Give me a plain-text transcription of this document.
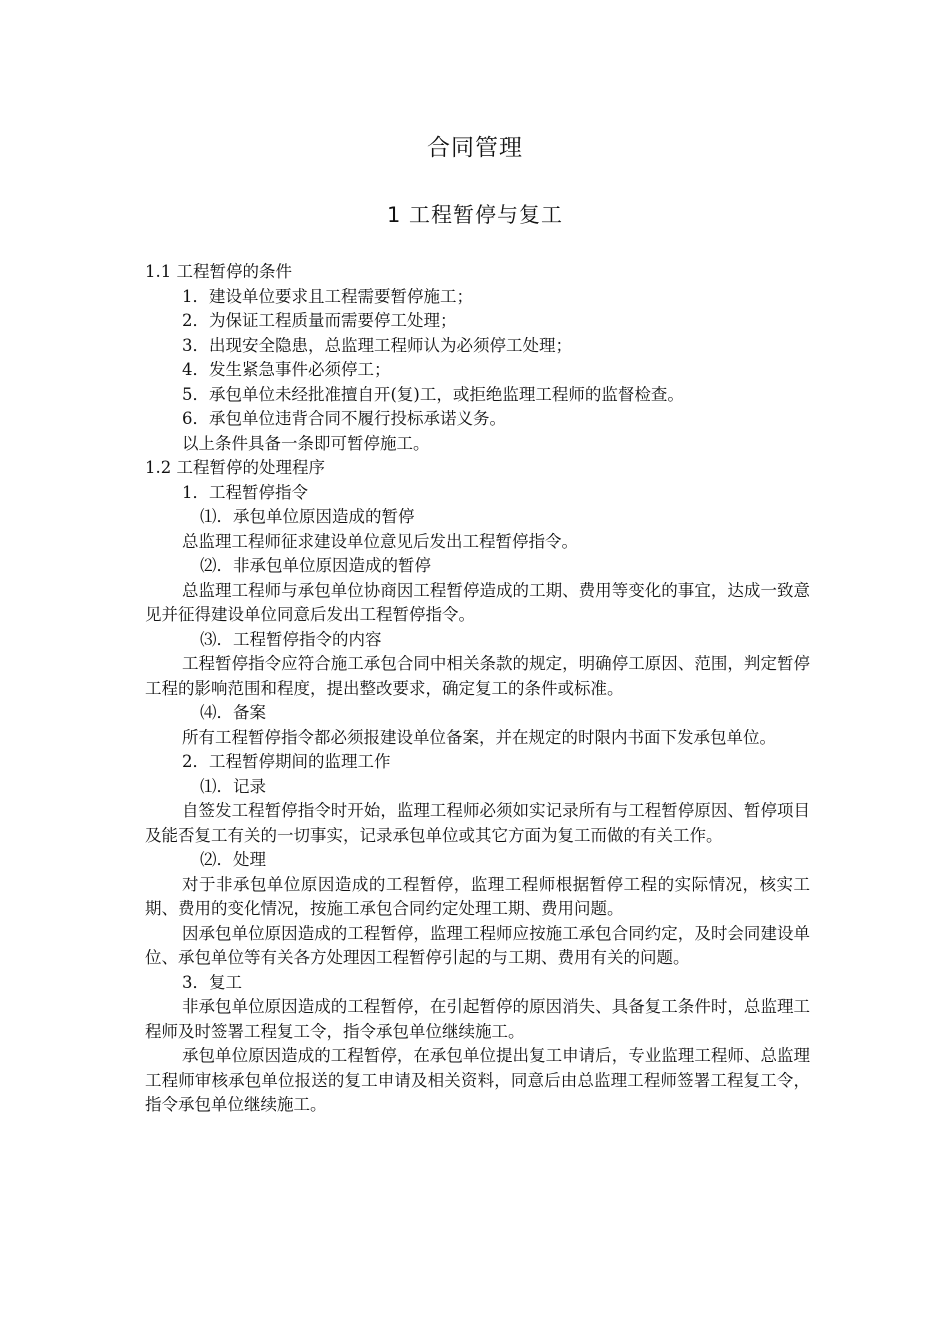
合同管理
1 工程暂停与复工
1.1 工程暂停的条件
1．建设单位要求且工程需要暂停施工；
2．为保证工程质量而需要停工处理；
3．出现安全隐患，总监理工程师认为必须停工处理；
4．发生紧急事件必须停工；
5．承包单位未经批准擅自开(复)工，或拒绝监理工程师的监督检查。
6．承包单位违背合同不履行投标承诺义务。
以上条件具备一条即可暂停施工。
1.2 工程暂停的处理程序
1．工程暂停指令
⑴．承包单位原因造成的暂停
总监理工程师征求建设单位意见后发出工程暂停指令。
⑵．非承包单位原因造成的暂停
总监理工程师与承包单位协商因工程暂停造成的工期、费用等变化的事宜，达成一致意见并征得建设单位同意后发出工程暂停指令。
⑶．工程暂停指令的内容
工程暂停指令应符合施工承包合同中相关条款的规定，明确停工原因、范围，判定暂停工程的影响范围和程度，提出整改要求，确定复工的条件或标准。
⑷．备案
所有工程暂停指令都必须报建设单位备案，并在规定的时限内书面下发承包单位。
2．工程暂停期间的监理工作
⑴．记录
自签发工程暂停指令时开始，监理工程师必须如实记录所有与工程暂停原因、暂停项目及能否复工有关的一切事实，记录承包单位或其它方面为复工而做的有关工作。
⑵．处理
对于非承包单位原因造成的工程暂停，监理工程师根据暂停工程的实际情况，核实工期、费用的变化情况，按施工承包合同约定处理工期、费用问题。
因承包单位原因造成的工程暂停，监理工程师应按施工承包合同约定，及时会同建设单位、承包单位等有关各方处理因工程暂停引起的与工期、费用有关的问题。
3．复工
非承包单位原因造成的工程暂停，在引起暂停的原因消失、具备复工条件时，总监理工程师及时签署工程复工令，指令承包单位继续施工。
承包单位原因造成的工程暂停，在承包单位提出复工申请后，专业监理工程师、总监理工程师审核承包单位报送的复工申请及相关资料，同意后由总监理工程师签署工程复工令，指令承包单位继续施工。
